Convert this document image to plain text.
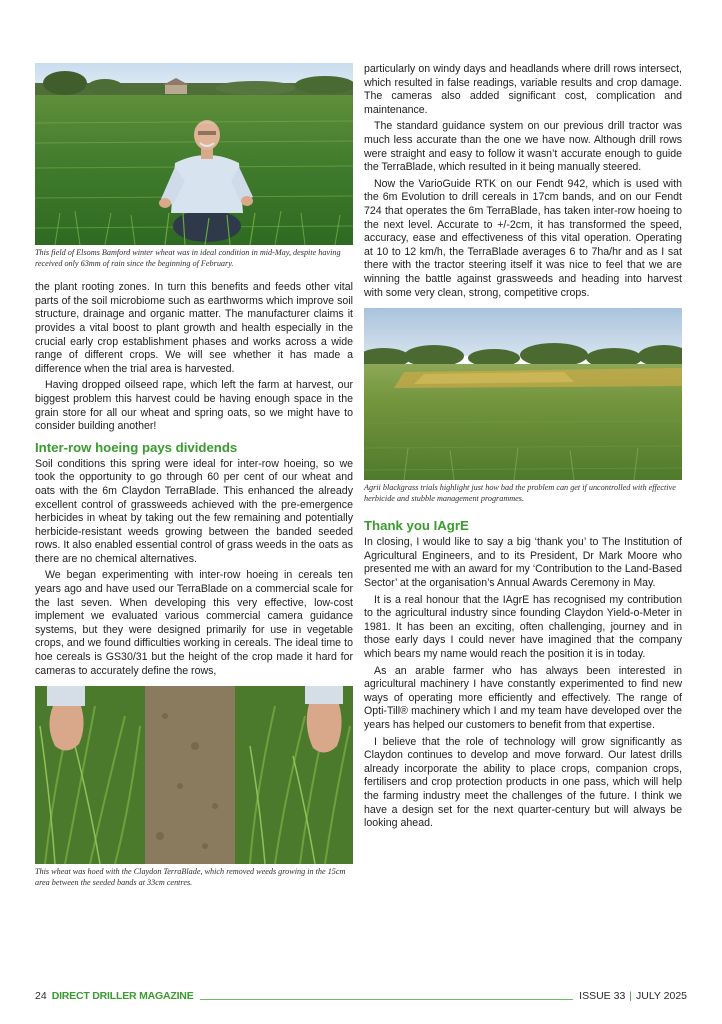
This field of Elsoms Bamford winter wheat was in ideal condition in mid-May, despite having received only 63mm of rain since the beginning of February.

the plant rooting zones. In turn this benefits and feeds other vital parts of the soil microbiome such as earthworms which improve soil structure, drainage and organic matter. The manufacturer claims it provides a vital boost to plant growth and health especially in the crucial early crop establishment phases and works across a wide range of different crops. We will see whether it has made a difference when the trial area is harvested.

Having dropped oilseed rape, which left the farm at harvest, our biggest problem this harvest could be having enough space in the grain store for all our wheat and spring oats, so we might have to consider building another!

Inter-row hoeing pays dividends

Soil conditions this spring were ideal for inter-row hoeing, so we took the opportunity to go through 60 per cent of our wheat and oats with the 6m Claydon TerraBlade. This enhanced the already excellent control of grassweeds achieved with the pre-emergence herbicides in wheat by taking out the few remaining and potentially herbicide-resistant weeds growing between the banded seeded rows. It also enabled essential control of grass weeds in the oats as there are no chemical alternatives.

We began experimenting with inter-row hoeing in cereals ten years ago and have used our TerraBlade on a commercial scale for the last seven. When developing this very effective, low-cost implement we evaluated various commercial camera guidance systems, but they were designed primarily for use in vegetable crops, and we found difficulties working in cereals. The ideal time to hoe cereals is GS30/31 but the height of the crop made it hard for cameras to accurately define the rows,

This wheat was hoed with the Claydon TerraBlade, which removed weeds growing in the 15cm area between the seeded bands at 33cm centres.

particularly on windy days and headlands where drill rows intersect, which resulted in false readings, variable results and crop damage. The cameras also added significant cost, complication and maintenance.

The standard guidance system on our previous drill tractor was much less accurate than the one we have now. Although drill rows were straight and easy to follow it wasn’t accurate enough to guide the TerraBlade, which resulted in it being manually steered.

Now the VarioGuide RTK on our Fendt 942, which is used with the 6m Evolution to drill cereals in 17cm bands, and on our Fendt 724 that operates the 6m TerraBlade, has taken inter-row hoeing to the next level. Accurate to +/-2cm, it has transformed the speed, accuracy, ease and effectiveness of this vital operation. Operating at 10 to 12 km/h, the TerraBlade averages 6 to 7ha/hr and as I sat there with the tractor steering itself it was nice to feel that we are winning the battle against grassweeds and heading into harvest with some very clean, strong, competitive crops.

Agrii blackgrass trials highlight just how bad the problem can get if uncontrolled with effective herbicide and stubble management programmes.
Thank you IAgrE

In closing, I would like to say a big ‘thank you’ to The Institution of Agricultural Engineers, and to its President, Dr Mark Moore who presented me with an award for my ‘Contribution to the Land-Based Sector’ at the organisation’s Annual Awards Ceremony in May.

It is a real honour that the IAgrE has recognised my contribution to the agricultural industry since founding Claydon Yield-o-Meter in 1981. It has been an exciting, often challenging, journey and in those early days I could never have imagined that the company which bears my name would reach the position it is in today.

As an arable farmer who has always been interested in agricultural machinery I have constantly experimented to find new ways of operating more efficiently and effectively. The range of Opti-Till® machinery which I and my team have developed over the years has helped our customers to benefit from that expertise.

I believe that the role of technology will grow significantly as Claydon continues to develop and move forward. Our latest drills already incorporate the ability to place crops, companion crops, fertilisers and crop protection products in one pass, which will help the farming industry meet the challenges of the future. I think we have a design set for the next quarter-century but will always be looking ahead.

24 DIRECT DRILLER MAGAZINE	ISSUE 33 | JULY 2025
